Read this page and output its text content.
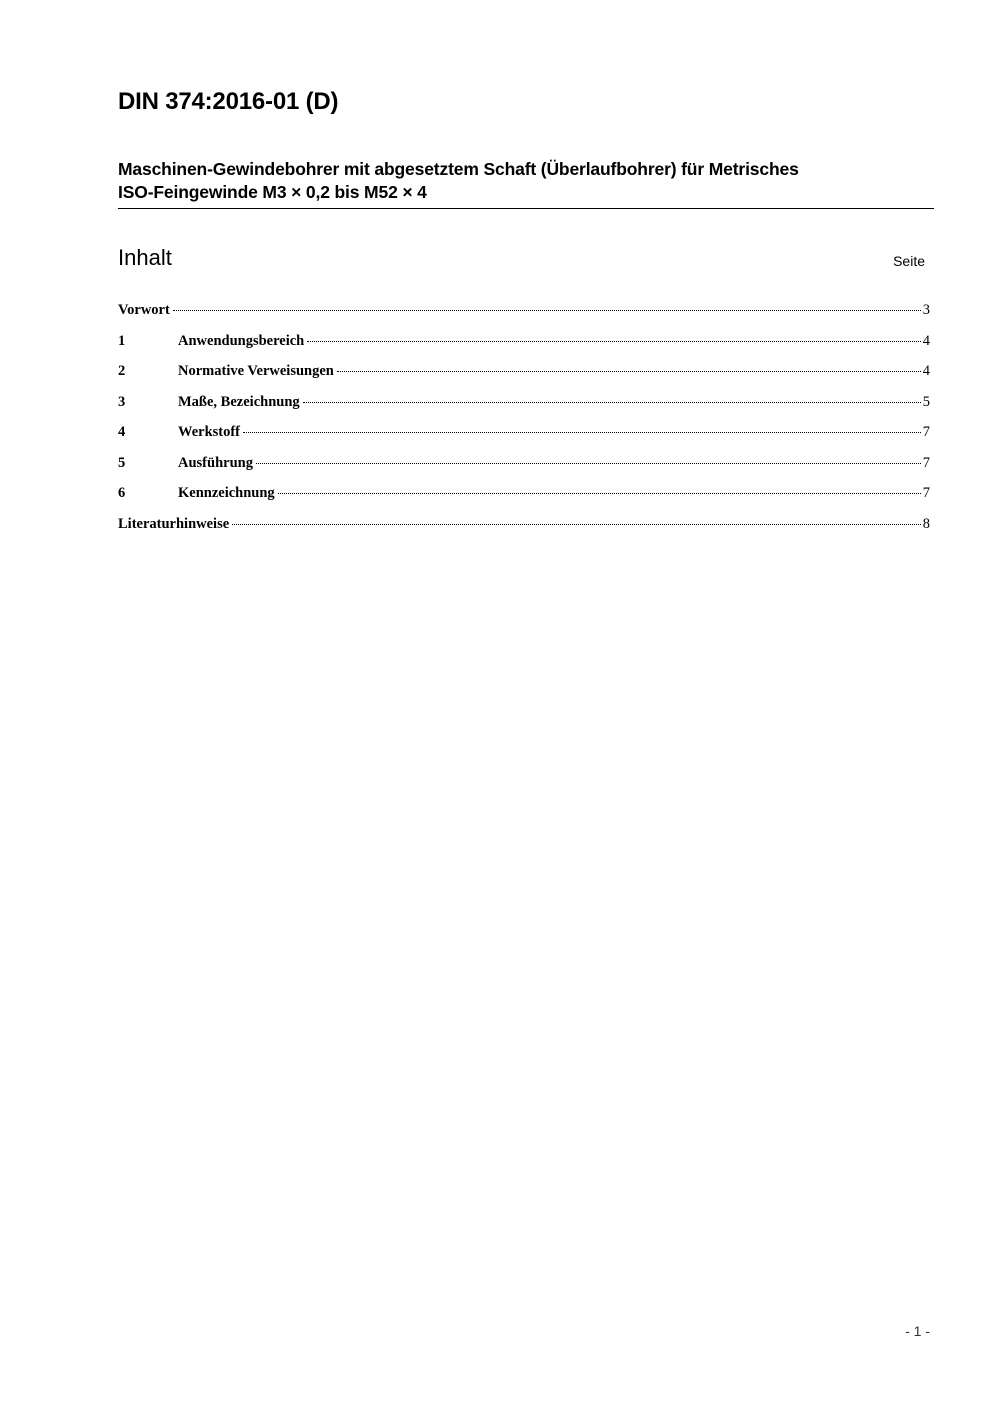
DIN 374:2016-01 (D)
Maschinen-Gewindebohrer mit abgesetztem Schaft (Überlaufbohrer) für Metrisches
ISO-Feingewinde M3 × 0,2 bis M52 × 4
Inhalt	Seite
Vorwort	3
1	Anwendungsbereich	4
2	Normative Verweisungen	4
3	Maße, Bezeichnung	5
4	Werkstoff	7
5	Ausführung	7
6	Kennzeichnung	7
Literaturhinweise	8
- 1 -
